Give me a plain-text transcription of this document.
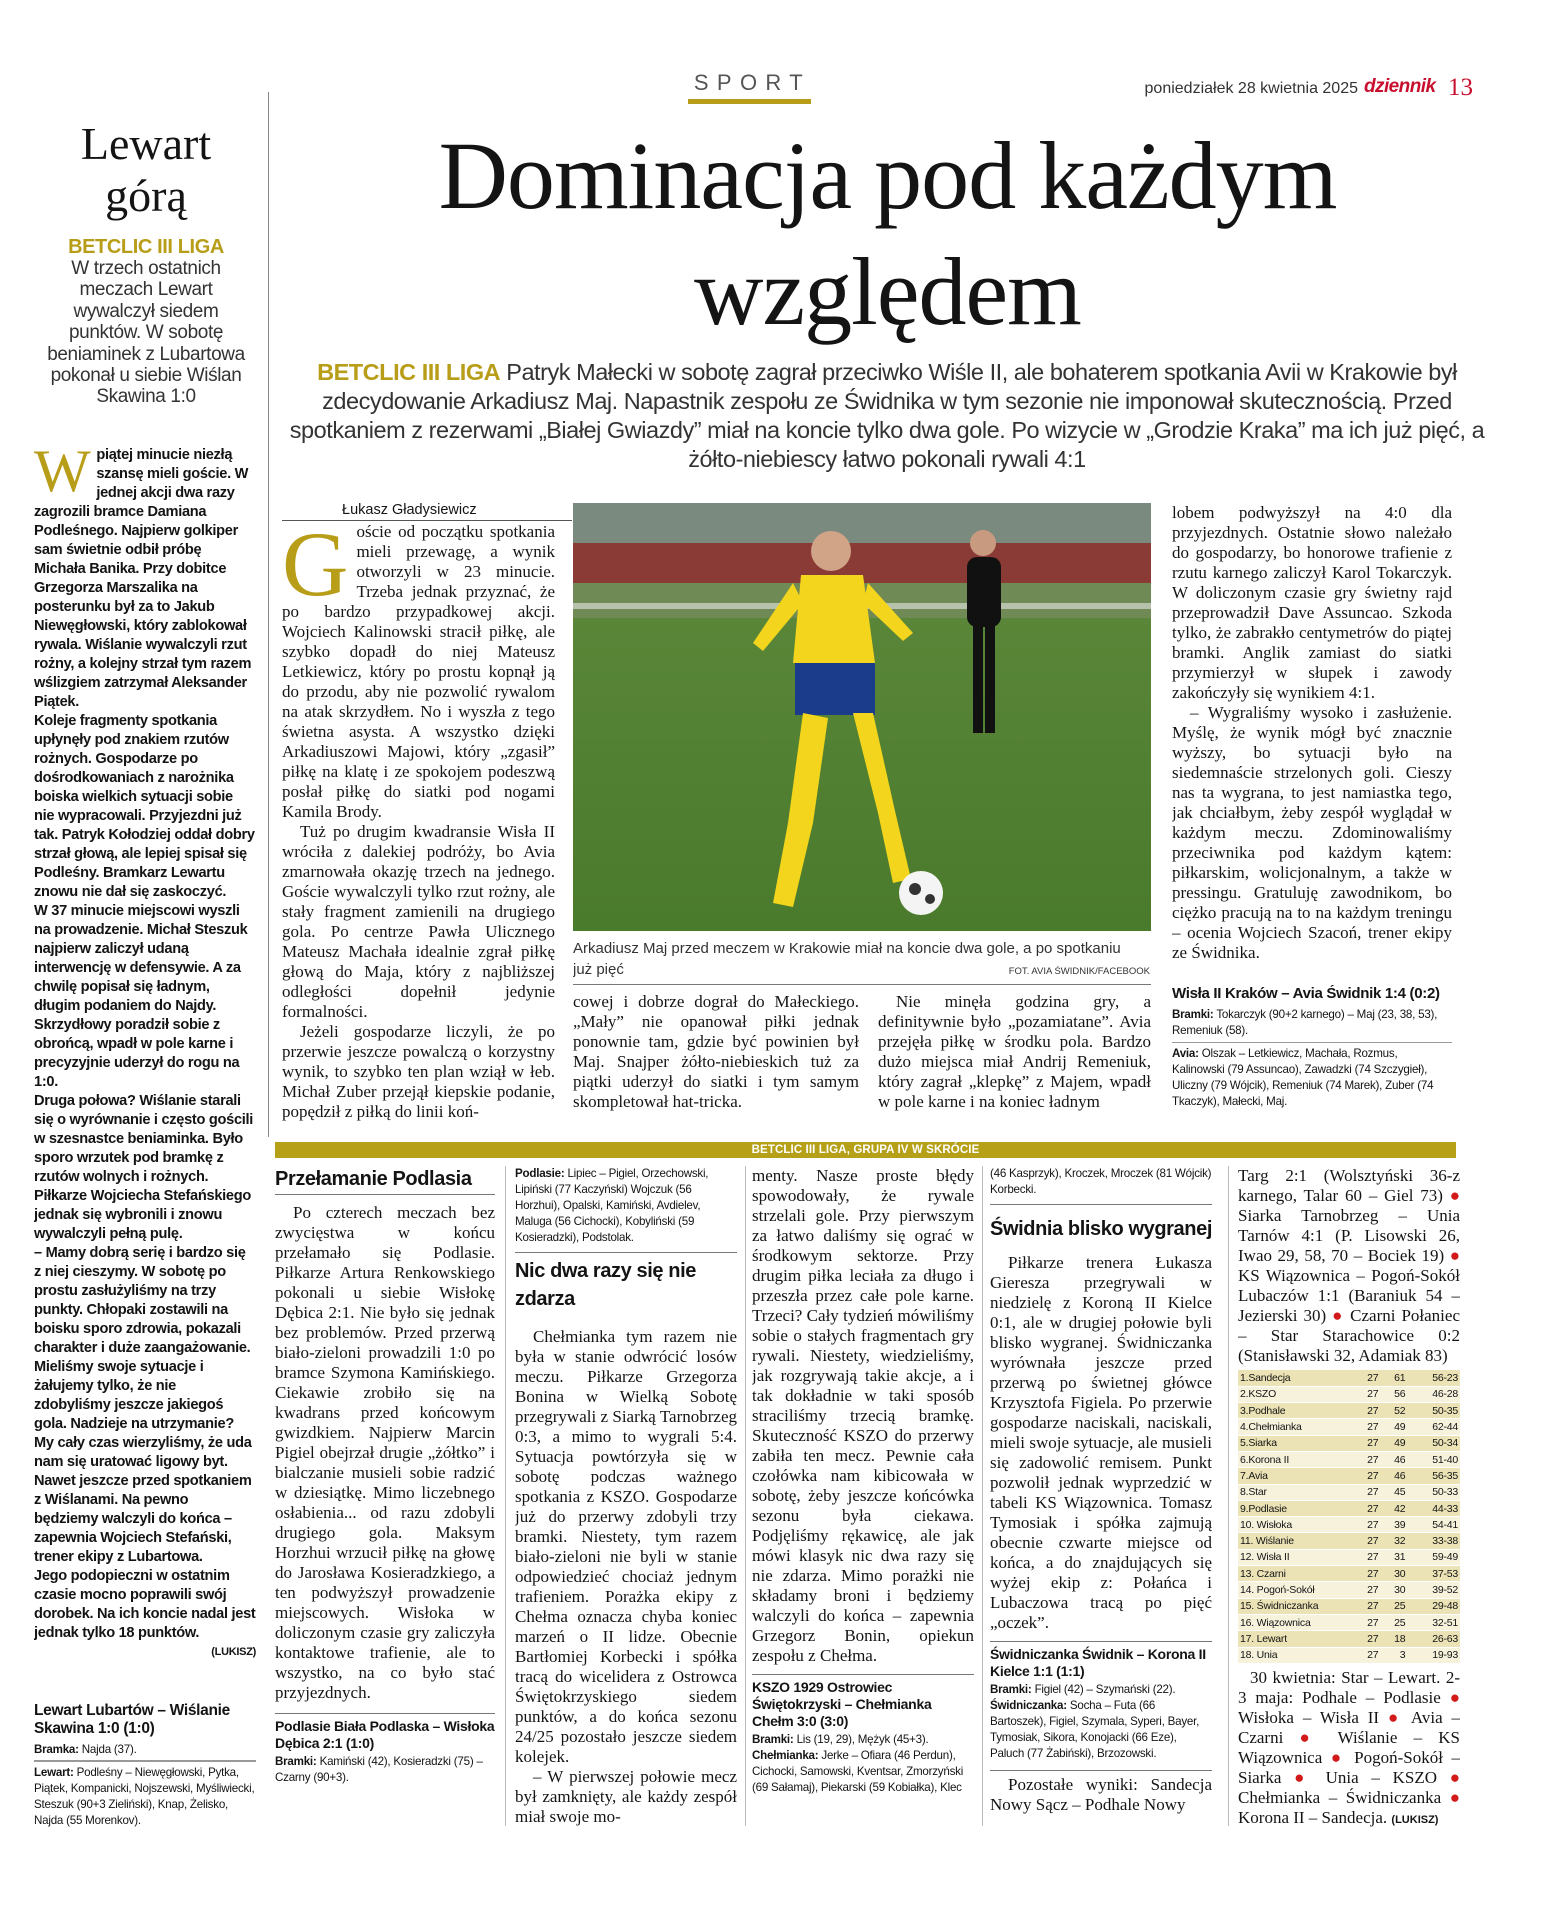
SPORT	poniedziałek 28 kwietnia 2025 dziennik 13
Lewart górą
BETCLIC III LIGA
W trzech ostatnich meczach Lewart wywalczył siedem punktów. W sobotę beniaminek z Lubartowa pokonał u siebie Wiślan Skawina 1:0
W piątej minucie niezłą szansę mieli goście. W jednej akcji dwa razy zagrozili bramce Damiana Podleśnego. Najpierw golkiper sam świetnie odbił próbę Michała Banika. Przy dobitce Grzegorza Marszalika na posterunku był za to Jakub Niewęgłowski, który zablokował rywala. Wiślanie wywalczyli rzut rożny, a kolejny strzał tym razem wślizgiem zatrzymał Aleksander Piątek.

Koleje fragmenty spotkania upłynęły pod znakiem rzutów rożnych. Gospodarze po dośrodkowaniach z narożnika boiska wielkich sytuacji sobie nie wypracowali. Przyjezdni już tak. Patryk Kołodziej oddał dobry strzał głową, ale lepiej spisał się Podleśny. Bramkarz Lewartu znowu nie dał się zaskoczyć.

W 37 minucie miejscowi wyszli na prowadzenie. Michał Steszuk najpierw zaliczył udaną interwencję w defensywie. A za chwilę popisał się ładnym, długim podaniem do Najdy. Skrzydłowy poradził sobie z obrońcą, wpadł w pole karne i precyzyjnie uderzył do rogu na 1:0.

Druga połowa? Wiślanie starali się o wyrównanie i często gościli w szesnastce beniaminka. Było sporo wrzutek pod bramkę z rzutów wolnych i rożnych. Piłkarze Wojciecha Stefańskiego jednak się wybronili i znowu wywalczyli pełną pulę.

– Mamy dobrą serię i bardzo się z niej cieszymy. W sobotę po prostu zasłużyliśmy na trzy punkty. Chłopaki zostawili na boisku sporo zdrowia, pokazali charakter i duże zaangażowanie. Mieliśmy swoje sytuacje i żałujemy tylko, że nie zdobyliśmy jeszcze jakiegoś gola. Nadzieje na utrzymanie? My cały czas wierzyliśmy, że uda nam się uratować ligowy byt. Nawet jeszcze przed spotkaniem z Wiślanami. Na pewno będziemy walczyli do końca – zapewnia Wojciech Stefański, trener ekipy z Lubartowa.

Jego podopieczni w ostatnim czasie mocno poprawili swój dorobek. Na ich koncie nadal jest jednak tylko 18 punktów.

(LUKISZ)

Lewart Lubartów – Wiślanie Skawina 1:0 (1:0)
Bramka: Najda (37).
Lewart: Podleśny – Niewęgłowski, Pytka, Piątek, Kompanicki, Nojszewski, Myśliwiecki, Steszuk (90+3 Zieliński), Knap, Żelisko, Najda (55 Morenkov).
Dominacja pod każdym względem
BETCLIC III LIGA Patryk Małecki w sobotę zagrał przeciwko Wiśle II, ale bohaterem spotkania Avii w Krakowie był zdecydowanie Arkadiusz Maj. Napastnik zespołu ze Świdnika w tym sezonie nie imponował skutecznością. Przed spotkaniem z rezerwami „Białej Gwiazdy” miał na koncie tylko dwa gole. Po wizycie w „Grodzie Kraka” ma ich już pięć, a żółto-niebiescy łatwo pokonali rywali 4:1
Łukasz Gładysiewicz
G oście od początku spotkania mieli przewagę, a wynik otworzyli w 23 minucie. Trzeba jednak przyznać, że po bardzo przypadkowej akcji. Wojciech Kalinowski stracił piłkę, ale szybko dopadł do niej Mateusz Letkiewicz, który po prostu kopnął ją do przodu, aby nie pozwolić rywalom na atak skrzydłem. No i wyszła z tego świetna asysta. A wszystko dzięki Arkadiuszowi Majowi, który „zgasił” piłkę na klatę i ze spokojem podeszwą posłał piłkę do siatki pod nogami Kamila Brody.

Tuż po drugim kwadransie Wisła II wróciła z dalekiej podróży, bo Avia zmarnowała okazję trzech na jednego. Goście wywalczyli tylko rzut rożny, ale stały fragment zamienili na drugiego gola. Po centrze Pawła Ulicznego Mateusz Machała idealnie zgrał piłkę głową do Maja, który z najbliższej odległości dopełnił jedynie formalności.

Jeżeli gospodarze liczyli, że po przerwie jeszcze powalczą o korzystny wynik, to szybko ten plan wziął w łeb. Michał Zuber przejął kiepskie podanie, popędził z piłką do linii koń-

Arkadiusz Maj przed meczem w Krakowie miał na koncie dwa gole, a po spotkaniu już pięć	FOT. AVIA ŚWIDNIK/FACEBOOK

cowej i dobrze dograł do Małeckiego. „Mały” nie opanował piłki jednak ponownie tam, gdzie być powinien był Maj. Snajper żółto-niebieskich tuż za piątki uderzył do siatki i tym samym skompletował hat-tricka.

Nie minęła godzina gry, a definitywnie było „pozamiatane”. Avia przejęła piłkę w środku pola. Bardzo dużo miejsca miał Andrij Remeniuk, który zagrał „klepkę” z Majem, wpadł w pole karne i na koniec ładnym

lobem podwyższył na 4:0 dla przyjezdnych. Ostatnie słowo należało do gospodarzy, bo honorowe trafienie z rzutu karnego zaliczył Karol Tokarczyk. W doliczonym czasie gry świetny rajd przeprowadził Dave Assuncao. Szkoda tylko, że zabrakło centymetrów do piątej bramki. Anglik zamiast do siatki przymierzył w słupek i zawody zakończyły się wynikiem 4:1.

– Wygraliśmy wysoko i zasłużenie. Myślę, że wynik mógł być znacznie wyższy, bo sytuacji było na siedemnaście strzelonych goli. Cieszy nas ta wygrana, to jest namiastka tego, jak chciałbym, żeby zespół wyglądał w każdym meczu. Zdominowaliśmy przeciwnika pod każdym kątem: piłkarskim, wolicjonalnym, a także w pressingu. Gratuluję zawodnikom, bo ciężko pracują na to na każdym treningu – ocenia Wojciech Szacoń, trener ekipy ze Świdnika.

Wisła II Kraków – Avia Świdnik 1:4 (0:2)
Bramki: Tokarczyk (90+2 karnego) – Maj (23, 38, 53), Remeniuk (58).
Avia: Olszak – Letkiewicz, Machała, Rozmus, Kalinowski (79 Assuncao), Zawadzki (74 Szczygieł), Uliczny (79 Wójcik), Remeniuk (74 Marek), Zuber (74 Tkaczyk), Małecki, Maj.
BETCLIC III LIGA, GRUPA IV W SKRÓCIE
Przełamanie Podlasia

Po czterech meczach bez zwycięstwa w końcu przełamało się Podlasie. Piłkarze Artura Renkowskiego pokonali u siebie Wisłokę Dębica 2:1. Nie było się jednak bez problemów. Przed przerwą biało-zieloni prowadzili 1:0 po bramce Szymona Kamińskiego. Ciekawie zrobiło się na kwadrans przed końcowym gwizdkiem. Najpierw Marcin Pigiel obejrzał drugie „żółtko” i bialczanie musieli sobie radzić w dziesiątkę. Mimo liczebnego osłabienia... od razu zdobyli drugiego gola. Maksym Horzhui wrzucił piłkę na głowę do Jarosława Kosieradzkiego, a ten podwyższył prowadzenie miejscowych. Wisłoka w doliczonym czasie gry zaliczyła kontaktowe trafienie, ale to wszystko, na co było stać przyjezdnych.

Podlasie Biała Podlaska – Wisłoka Dębica 2:1 (1:0)
Bramki: Kamiński (42), Kosieradzki (75) – Czarny (90+3).
Podlasie: Lipiec – Pigiel, Orzechowski, Lipiński (77 Kaczyński) Wojczuk (56 Horzhui), Opalski, Kamiński, Avdielev, Maluga (56 Cichocki), Kobyliński (59 Kosieradzki), Podstolak.
Nic dwa razy się nie zdarza

Chełmianka tym razem nie była w stanie odwrócić losów meczu. Piłkarze Grzegorza Bonina w Wielką Sobotę przegrywali z Siarką Tarnobrzeg 0:3, a mimo to wygrali 5:4. Sytuacja powtórzyła się w sobotę podczas ważnego spotkania z KSZO. Gospodarze już do przerwy zdobyli trzy bramki. Niestety, tym razem biało-zieloni nie byli w stanie odpowiedzieć chociaż jednym trafieniem. Porażka ekipy z Chełma oznacza chyba koniec marzeń o II lidze. Obecnie Bartłomiej Korbecki i spółka tracą do wicelidera z Ostrowca Świętokrzyskiego siedem punktów, a do końca sezonu 24/25 pozostało jeszcze siedem kolejek.

– W pierwszej połowie mecz był zamknięty, ale każdy zespół miał swoje mo-

menty. Nasze proste błędy spowodowały, że rywale strzelali gole. Przy pierwszym za łatwo daliśmy się ograć w środkowym sektorze. Przy drugim piłka leciała za długo i przeszła przez całe pole karne. Trzeci? Cały tydzień mówiliśmy sobie o stałych fragmentach gry rywali. Niestety, wiedzieliśmy, jak rozgrywają takie akcje, a i tak dokładnie w taki sposób straciliśmy trzecią bramkę. Skuteczność KSZO do przerwy zabiła ten mecz. Pewnie cała czołówka nam kibicowała w sobotę, żeby jeszcze końcówka sezonu była ciekawa. Podjęliśmy rękawicę, ale jak mówi klasyk nic dwa razy się nie zdarza. Mimo porażki nie składamy broni i będziemy walczyli do końca – zapewnia Grzegorz Bonin, opiekun zespołu z Chełma.

KSZO 1929 Ostrowiec Świętokrzyski – Chełmianka Chełm 3:0 (3:0)
Bramki: Lis (19, 29), Mężyk (45+3).
Chełmianka: Jerke – Ofiara (46 Perdun), Cichocki, Samowski, Kventsar, Zmorzyński (69 Sałamaj), Piekarski (59 Kobiałka), Klec
(46 Kasprzyk), Kroczek, Mroczek (81 Wójcik) Korbecki.
Świdnia blisko wygranej

Piłkarze trenera Łukasza Gieresza przegrywali w niedzielę z Koroną II Kielce 0:1, ale w drugiej połowie byli blisko wygranej. Świdniczanka wyrównała jeszcze przed przerwą po świetnej główce Krzysztofa Figiela. Po przerwie gospodarze naciskali, naciskali, mieli swoje sytuacje, ale musieli się zadowolić remisem. Punkt pozwolił jednak wyprzedzić w tabeli KS Wiązownica. Tomasz Tymosiak i spółka zajmują obecnie czwarte miejsce od końca, a do znajdujących się wyżej ekip z: Połańca i Lubaczowa tracą po pięć „oczek”.

Świdniczanka Świdnik – Korona II Kielce 1:1 (1:1)
Bramki: Figiel (42) – Szymański (22).
Świdniczanka: Socha – Futa (66 Bartoszek), Figiel, Szymala, Syperi, Bayer, Tymosiak, Sikora, Konojacki (66 Eze), Paluch (77 Żabiński), Brzozowski.

Pozostałe wyniki: Sandecja Nowy Sącz – Podhale Nowy

Targ 2:1 (Wolsztyński 36-z karnego, Talar 60 – Giel 73) ● Siarka Tarnobrzeg – Unia Tarnów 4:1 (P. Lisowski 26, Iwao 29, 58, 70 – Bociek 19) ● KS Wiązownica – Pogoń-Sokół Lubaczów 1:1 (Baraniuk 54 – Jezierski 30) ● Czarni Połaniec – Star Starachowice 0:2 (Stanisławski 32, Adamiak 83)
1.Sandecja	27	61	56-23
2.KSZO	27	56	46-28
3.Podhale	27	52	50-35
4.Chełmianka	27	49	62-44
5.Siarka	27	49	50-34
6.Korona II	27	46	51-40
7.Avia	27	46	56-35
8.Star	27	45	50-33
9.Podlasie	27	42	44-33
10. Wisłoka	27	39	54-41
11. Wiślanie	27	32	33-38
12. Wisła II	27	31	59-49
13. Czarni	27	30	37-53
14. Pogoń-Sokół	27	30	39-52
15. Świdniczanka	27	25	29-48
16. Wiązownica	27	25	32-51
17. Lewart	27	18	26-63
18. Unia	27	3	19-93
30 kwietnia: Star – Lewart. 2-3 maja: Podhale – Podlasie ● Wisłoka – Wisła II ● Avia – Czarni ● Wiślanie – KS Wiązownica ● Pogoń-Sokół – Siarka ● Unia – KSZO ● Chełmianka – Świdniczanka ● Korona II – Sandecja. (LUKISZ)
